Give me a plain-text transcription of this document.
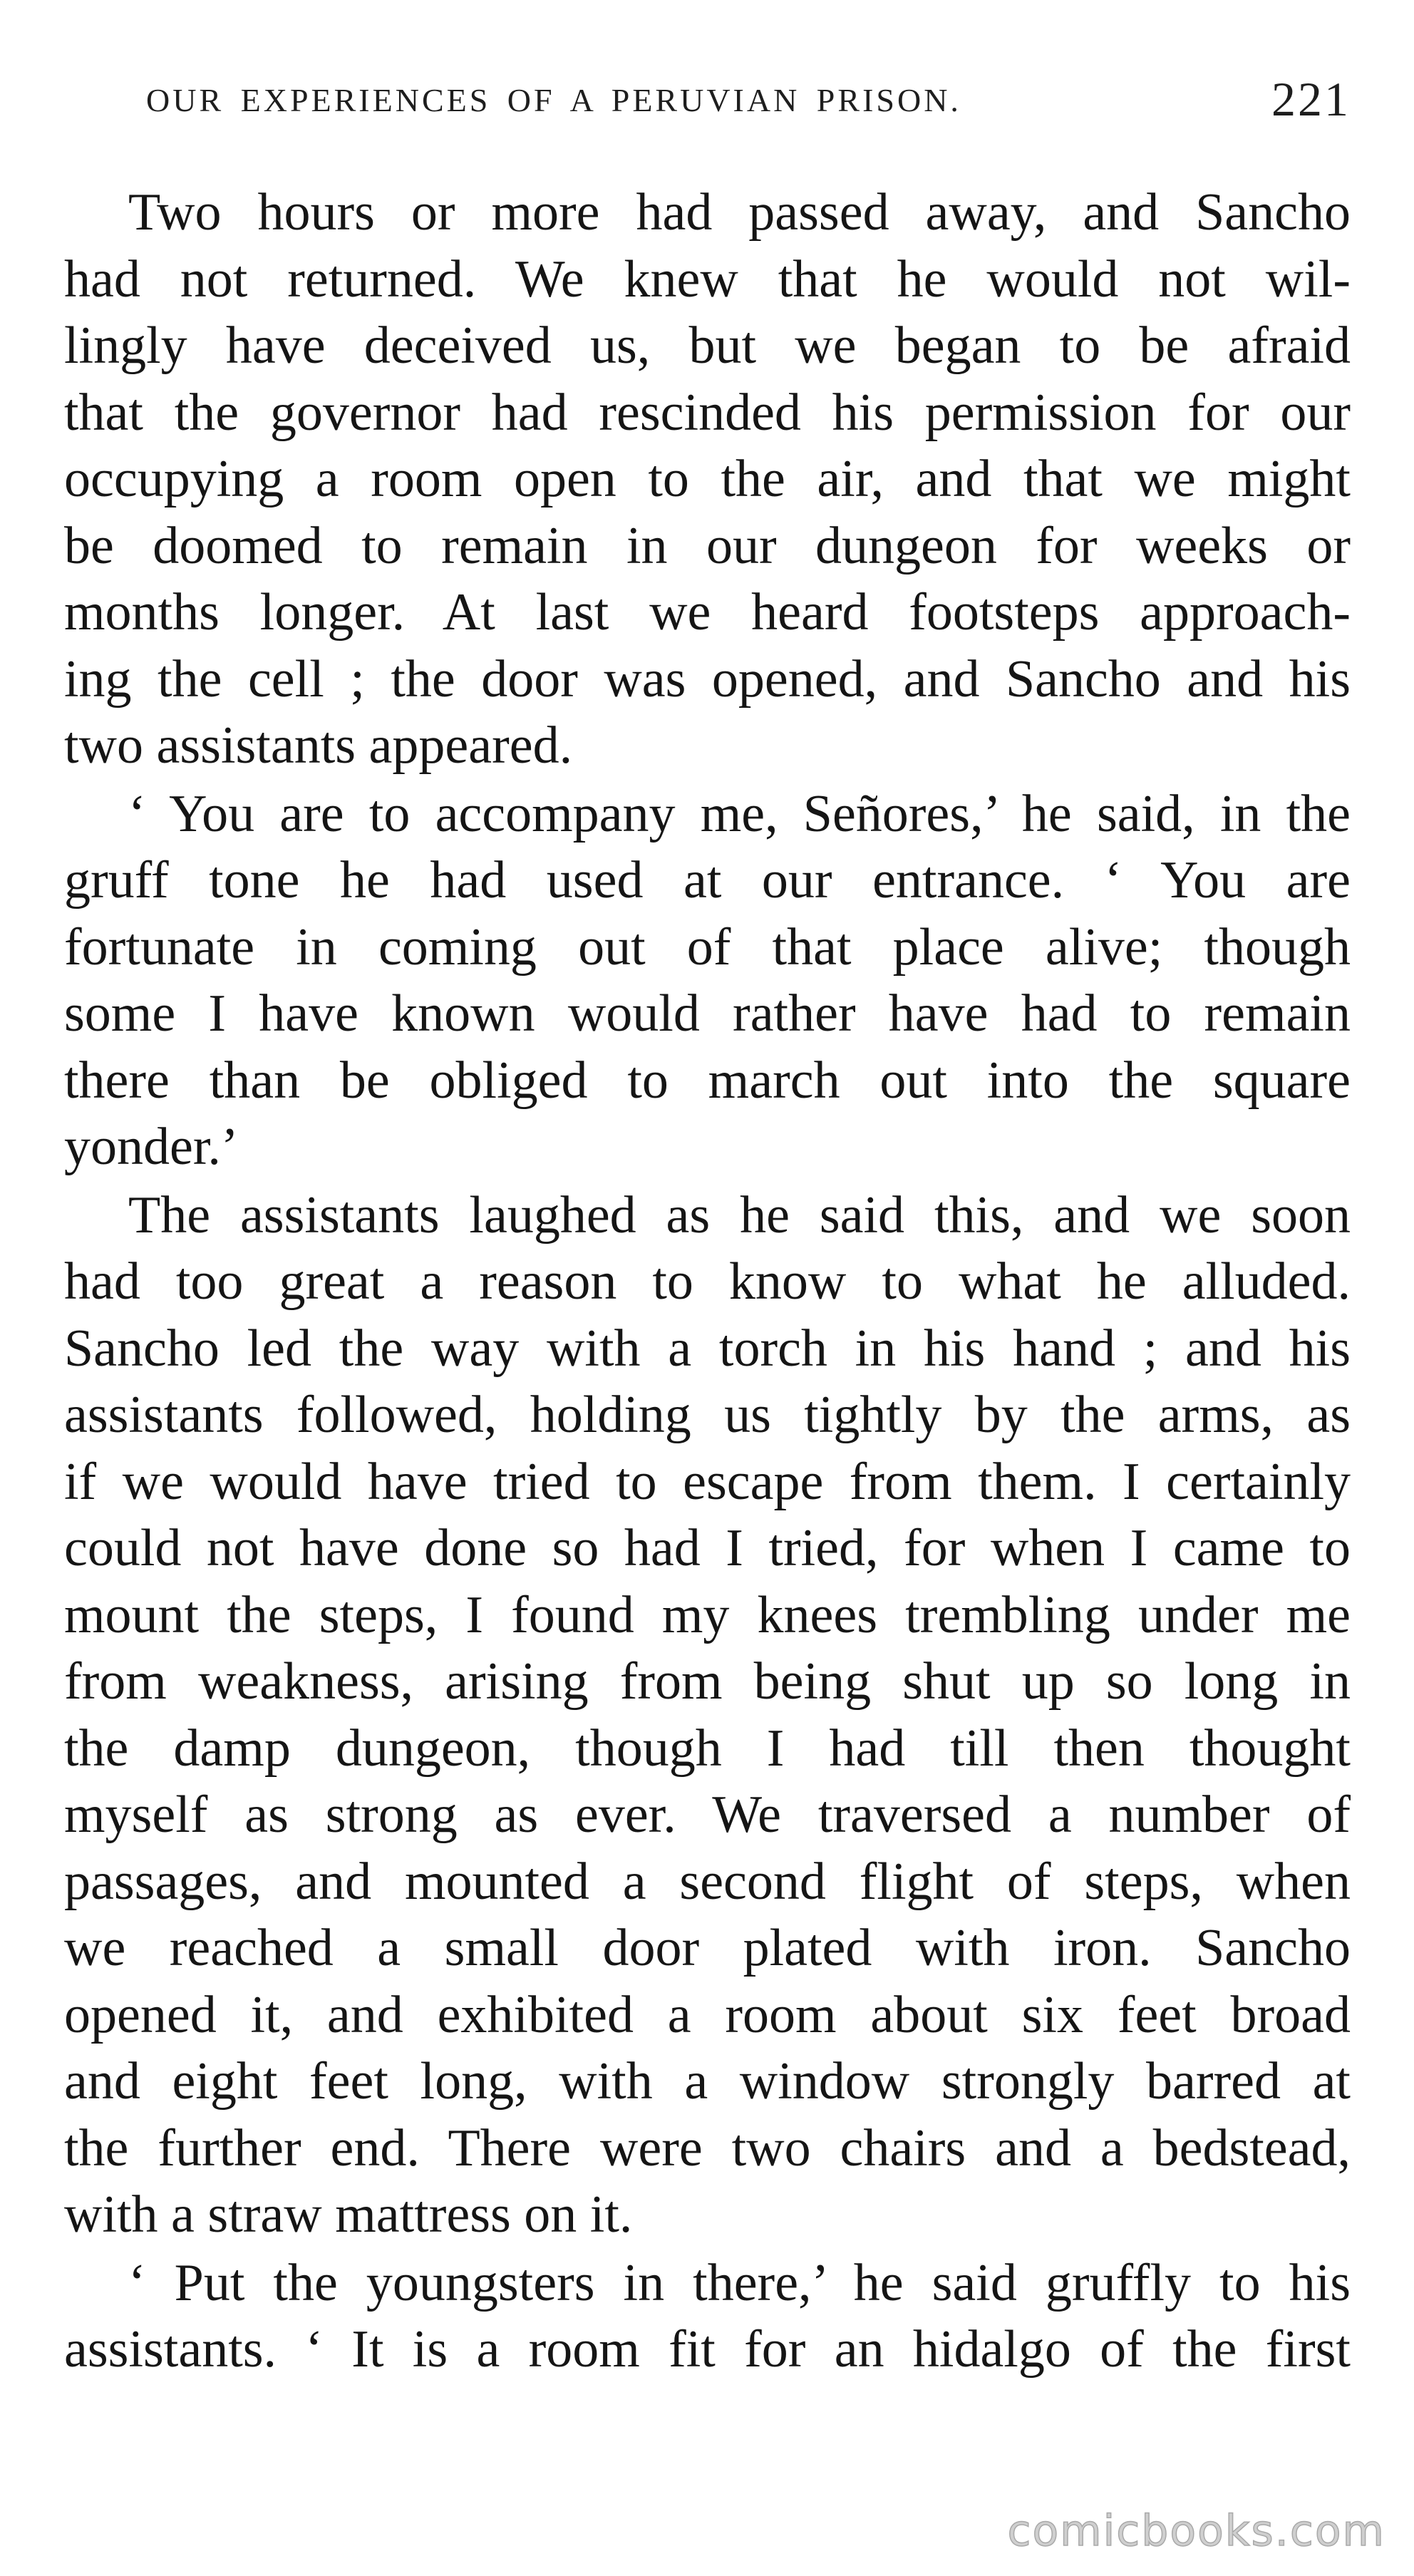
OUR EXPERIENCES OF A PERUVIAN PRISON.	221
Two hours or more had passed away, and Sancho
had not returned. We knew that he would not wil-
lingly have deceived us, but we began to be afraid
that the governor had rescinded his permission for our
occupying a room open to the air, and that we might
be doomed to remain in our dungeon for weeks or
months longer. At last we heard footsteps approach-
ing the cell ; the door was opened, and Sancho and his
two assistants appeared.
‘ You are to accompany me, Señores,’ he said, in the
gruff tone he had used at our entrance. ‘ You are
fortunate in coming out of that place alive; though
some I have known would rather have had to remain
there than be obliged to march out into the square
yonder.’
The assistants laughed as he said this, and we soon
had too great a reason to know to what he alluded.
Sancho led the way with a torch in his hand ; and his
assistants followed, holding us tightly by the arms, as
if we would have tried to escape from them. I certainly
could not have done so had I tried, for when I came to
mount the steps, I found my knees trembling under me
from weakness, arising from being shut up so long in
the damp dungeon, though I had till then thought
myself as strong as ever. We traversed a number of
passages, and mounted a second flight of steps, when
we reached a small door plated with iron. Sancho
opened it, and exhibited a room about six feet broad
and eight feet long, with a window strongly barred at
the further end. There were two chairs and a bedstead,
with a straw mattress on it.
‘ Put the youngsters in there,’ he said gruffly to his
assistants. ‘ It is a room fit for an hidalgo of the first
comicbooks.com
